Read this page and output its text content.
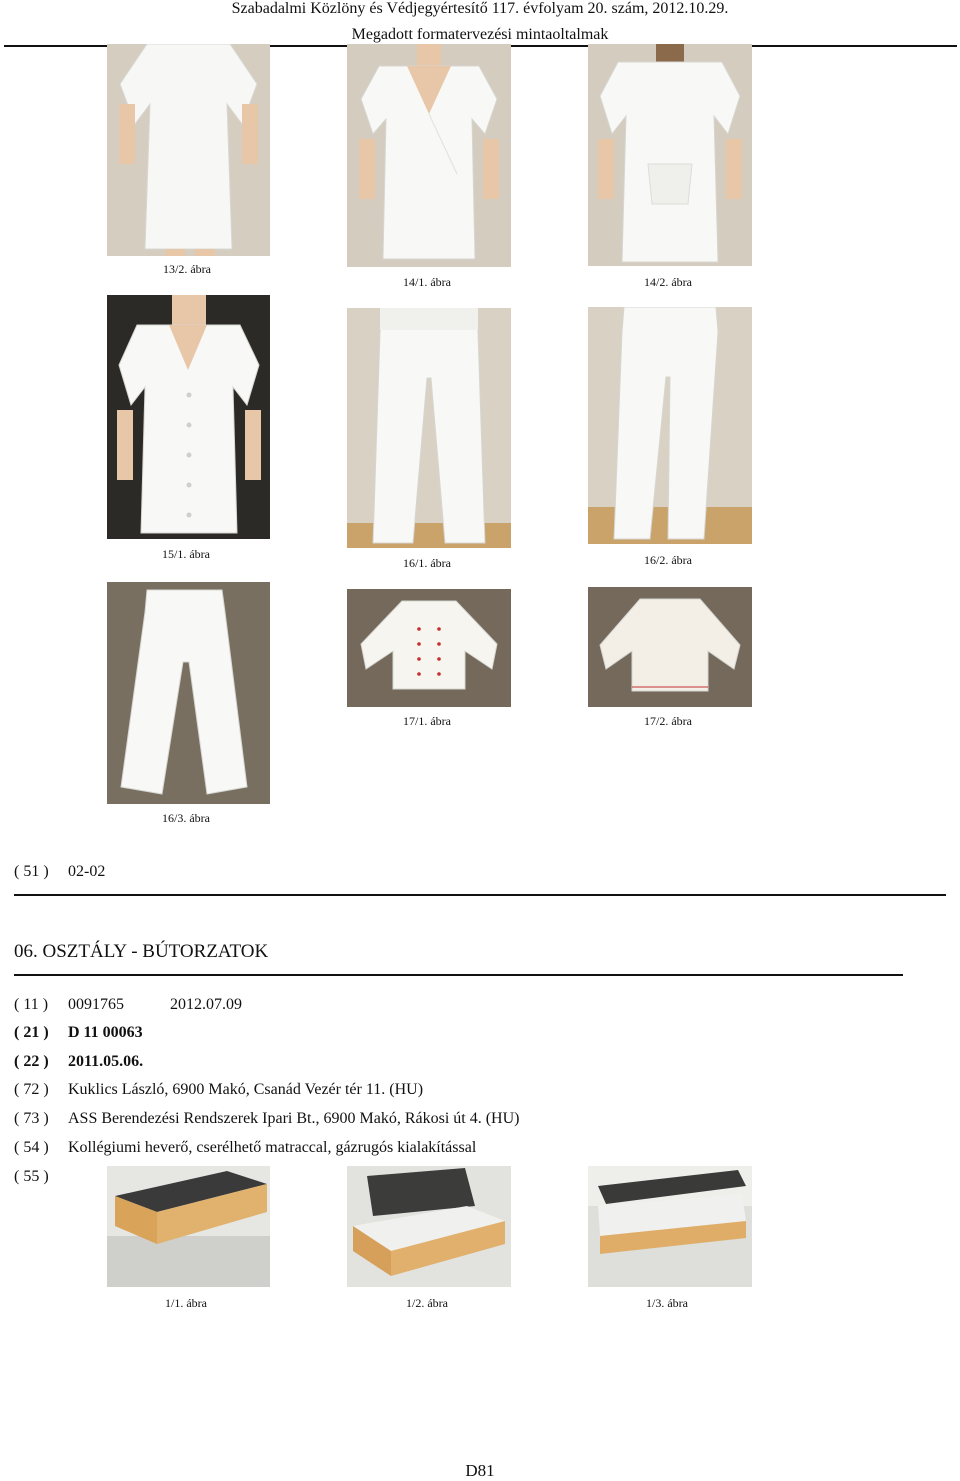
Szabadalmi Közlöny és Védjegyértesítő 117. évfolyam 20. szám, 2012.10.29.
Megadott formatervezési mintaoltalmak
13/2. ábra
14/1. ábra	14/2. ábra
15/1. ábra
16/1. ábra	16/2. ábra
17/1. ábra	17/2. ábra
16/3. ábra
( 51 ) 02-02
06. OSZTÁLY - BÚTORZATOK
( 11 ) 0091765	2012.07.09
( 21 ) D 11 00063
( 22 ) 2011.05.06.
( 72 ) Kuklics László, 6900 Makó, Csanád Vezér tér 11. (HU)
( 73 ) ASS Berendezési Rendszerek Ipari Bt., 6900 Makó, Rákosi út 4. (HU)
( 54 ) Kollégiumi heverő, cserélhető matraccal, gázrugós kialakítással
( 55 )
1/1. ábra	1/2. ábra	1/3. ábra
D81
